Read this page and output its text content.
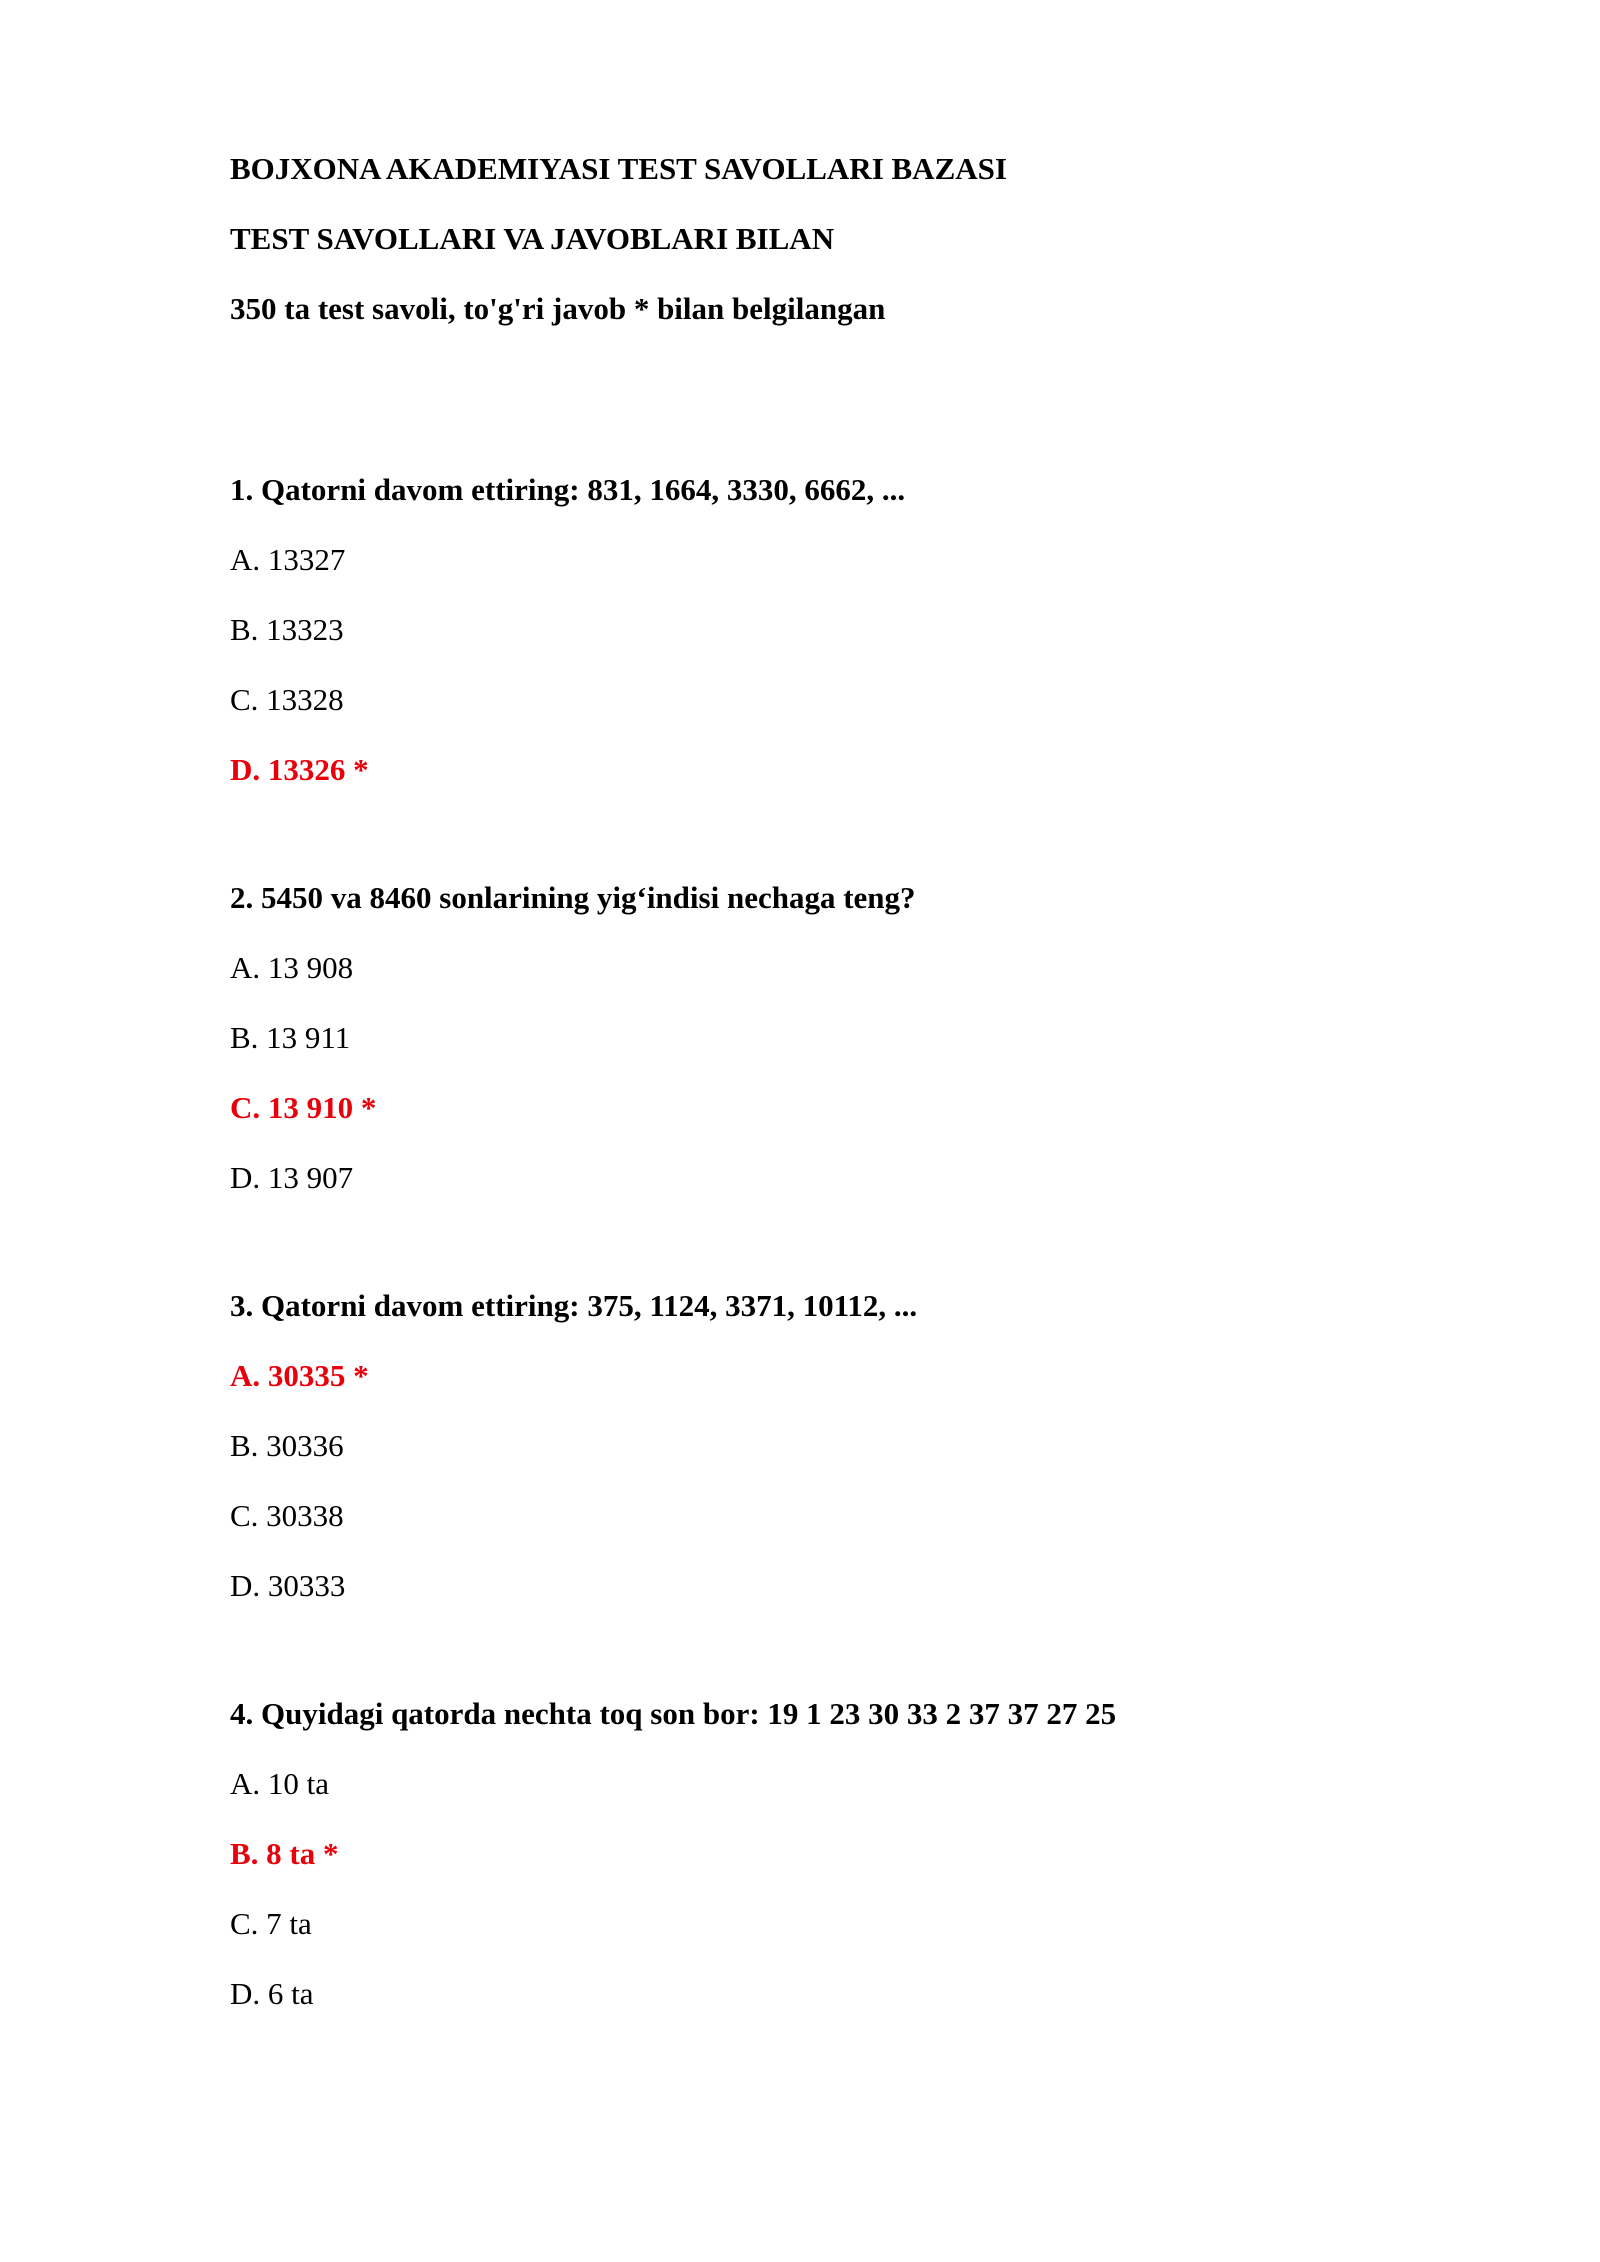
BOJXONA AKADEMIYASI TEST SAVOLLARI BAZASI

TEST SAVOLLARI VA JAVOBLARI BILAN

350 ta test savoli, to'g'ri javob * bilan belgilangan

1. Qatorni davom ettiring: 831, 1664, 3330, 6662, ...

A. 13327

B. 13323

C. 13328

D. 13326 *

2. 5450 va 8460 sonlarining yig‘indisi nechaga teng?

A. 13 908

B. 13 911

C. 13 910 *

D. 13 907

3. Qatorni davom ettiring: 375, 1124, 3371, 10112, ...

A. 30335 *

B. 30336

C. 30338

D. 30333

4. Quyidagi qatorda nechta toq son bor: 19 1 23 30 33 2 37 37 27 25

A. 10 ta

B. 8 ta *

C. 7 ta

D. 6 ta
